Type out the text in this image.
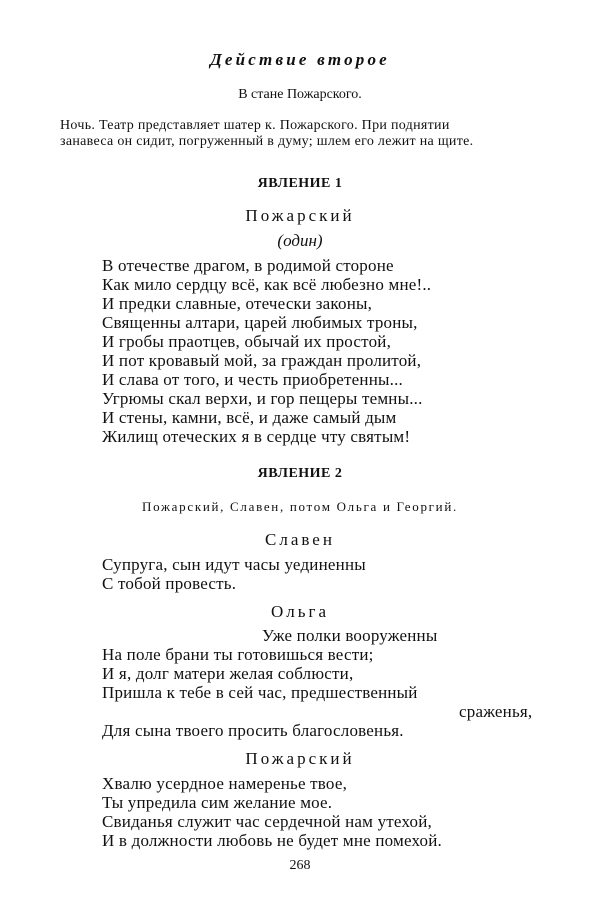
Действие второе
В стане Пожарского.
Ночь. Театр представляет шатер к. Пожарского. При поднятии
занавеса он сидит, погруженный в думу; шлем его лежит на щите.
ЯВЛЕНИЕ 1
Пожарский
(один)
В отечестве драгом, в родимой стороне
Как мило сердцу всё, как всё любезно мне!..
И предки славные, отечески законы,
Священны алтари, царей любимых троны,
И гробы праотцев, обычай их простой,
И пот кровавый мой, за граждан пролитой,
И слава от того, и честь приобретенны...
Угрюмы скал верхи, и гор пещеры темны...
И стены, камни, всё, и даже самый дым
Жилищ отеческих я в сердце чту святым!
ЯВЛЕНИЕ 2
Пожарский, Славен, потом Ольга и Георгий.
Славен
Супруга, сын идут часы уединенны
С тобой провесть.
Ольга
Уже полки вооруженны
На поле брани ты готовишься вести;
И я, долг матери желая соблюсти,
Пришла к тебе в сей час, предшественный
сраженья,
Для сына твоего просить благословенья.
Пожарский
Хвалю усердное намеренье твое,
Ты упредила сим желание мое.
Свиданья служит час сердечной нам утехой,
И в должности любовь не будет мне помехой.
268
